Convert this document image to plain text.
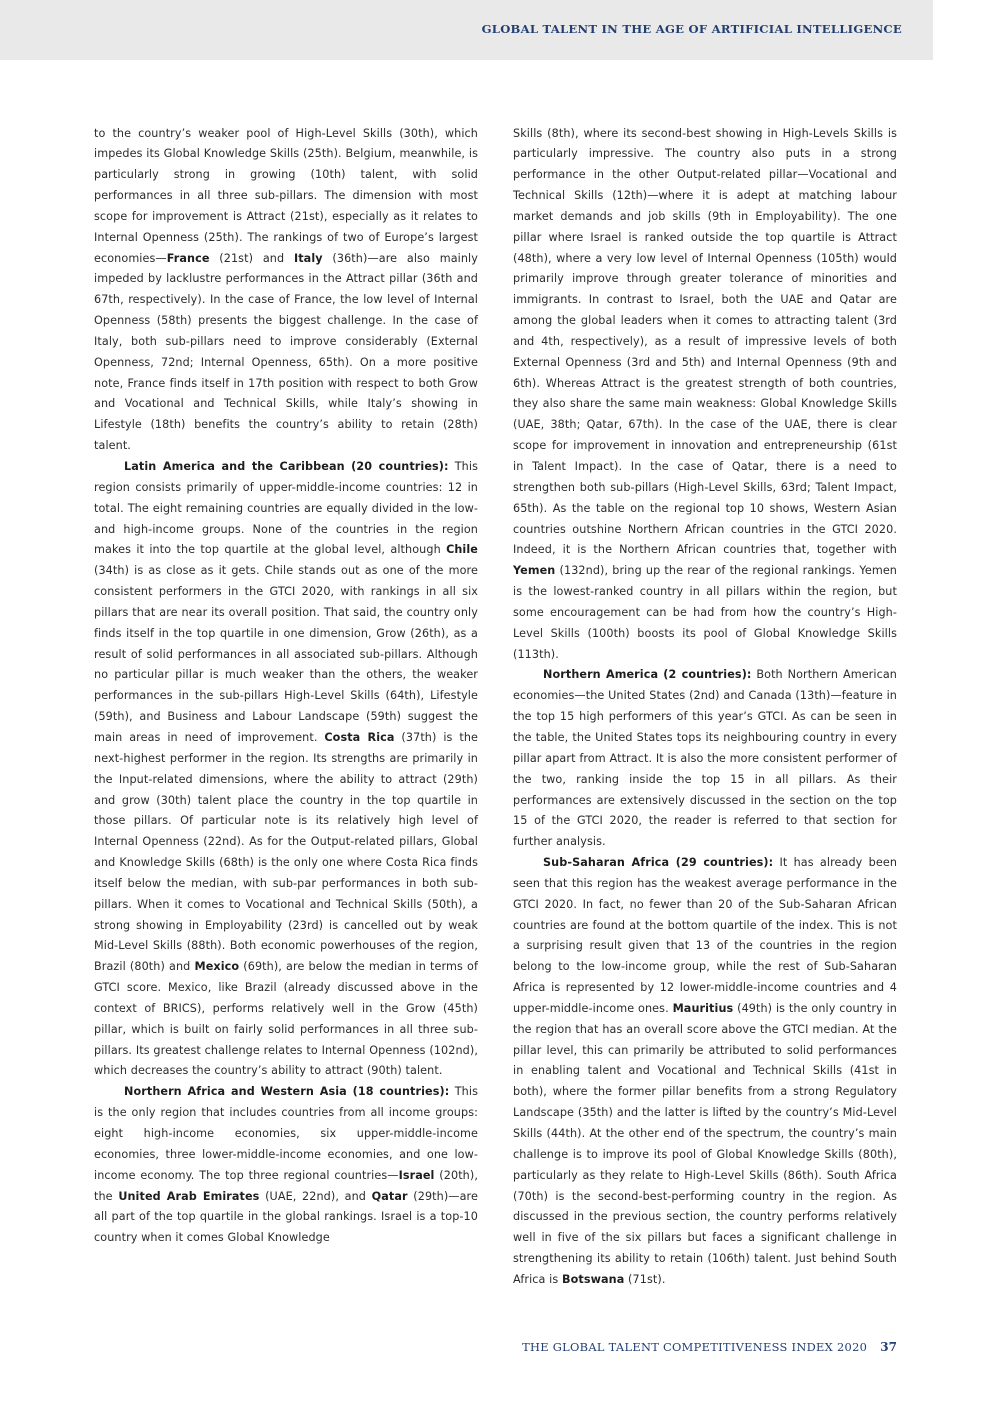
GLOBAL TALENT IN THE AGE OF ARTIFICIAL INTELLIGENCE

to the country’s weaker pool of High-Level Skills (30th), which impedes its Global Knowledge Skills (25th). Belgium, meanwhile, is particularly strong in growing (10th) talent, with solid performances in all three sub-pillars. The dimension with most scope for improvement is Attract (21st), especially as it relates to Internal Openness (25th). The rankings of two of Europe’s largest economies—France (21st) and Italy (36th)—are also mainly impeded by lacklustre performances in the Attract pillar (36th and 67th, respectively). In the case of France, the low level of Internal Openness (58th) presents the biggest challenge. In the case of Italy, both sub-pillars need to improve considerably (External Openness, 72nd; Internal Openness, 65th). On a more positive note, France finds itself in 17th position with respect to both Grow and Vocational and Technical Skills, while Italy’s showing in Lifestyle (18th) benefits the country’s ability to retain (28th) talent.

Latin America and the Caribbean (20 countries): This region consists primarily of upper-middle-income countries: 12 in total. The eight remaining countries are equally divided in the low- and high-income groups. None of the countries in the region makes it into the top quartile at the global level, although Chile (34th) is as close as it gets. Chile stands out as one of the more consistent performers in the GTCI 2020, with rankings in all six pillars that are near its overall position. That said, the country only finds itself in the top quartile in one dimension, Grow (26th), as a result of solid performances in all associated sub-pillars. Although no particular pillar is much weaker than the others, the weaker performances in the sub-pillars High-Level Skills (64th), Lifestyle (59th), and Business and Labour Landscape (59th) suggest the main areas in need of improvement. Costa Rica (37th) is the next-highest performer in the region. Its strengths are primarily in the Input-related dimensions, where the ability to attract (29th) and grow (30th) talent place the country in the top quartile in those pillars. Of particular note is its relatively high level of Internal Openness (22nd). As for the Output-related pillars, Global and Knowledge Skills (68th) is the only one where Costa Rica finds itself below the median, with sub-par performances in both sub-pillars. When it comes to Vocational and Technical Skills (50th), a strong showing in Employability (23rd) is cancelled out by weak Mid-Level Skills (88th). Both economic powerhouses of the region, Brazil (80th) and Mexico (69th), are below the median in terms of GTCI score. Mexico, like Brazil (already discussed above in the context of BRICS), performs relatively well in the Grow (45th) pillar, which is built on fairly solid performances in all three sub-pillars. Its greatest challenge relates to Internal Openness (102nd), which decreases the country’s ability to attract (90th) talent.

Northern Africa and Western Asia (18 countries): This is the only region that includes countries from all income groups: eight high-income economies, six upper-middle-income economies, three lower-middle-income economies, and one low-income economy. The top three regional countries—Israel (20th), the United Arab Emirates (UAE, 22nd), and Qatar (29th)—are all part of the top quartile in the global rankings. Israel is a top-10 country when it comes Global Knowledge

Skills (8th), where its second-best showing in High-Levels Skills is particularly impressive. The country also puts in a strong performance in the other Output-related pillar—Vocational and Technical Skills (12th)—where it is adept at matching labour market demands and job skills (9th in Employability). The one pillar where Israel is ranked outside the top quartile is Attract (48th), where a very low level of Internal Openness (105th) would primarily improve through greater tolerance of minorities and immigrants. In contrast to Israel, both the UAE and Qatar are among the global leaders when it comes to attracting talent (3rd and 4th, respectively), as a result of impressive levels of both External Openness (3rd and 5th) and Internal Openness (9th and 6th). Whereas Attract is the greatest strength of both countries, they also share the same main weakness: Global Knowledge Skills (UAE, 38th; Qatar, 67th). In the case of the UAE, there is clear scope for improvement in innovation and entrepreneurship (61st in Talent Impact). In the case of Qatar, there is a need to strengthen both sub-pillars (High-Level Skills, 63rd; Talent Impact, 65th). As the table on the regional top 10 shows, Western Asian countries outshine Northern African countries in the GTCI 2020. Indeed, it is the Northern African countries that, together with Yemen (132nd), bring up the rear of the regional rankings. Yemen is the lowest-ranked country in all pillars within the region, but some encouragement can be had from how the country’s High-Level Skills (100th) boosts its pool of Global Knowledge Skills (113th).

Northern America (2 countries): Both Northern American economies—the United States (2nd) and Canada (13th)—feature in the top 15 high performers of this year’s GTCI. As can be seen in the table, the United States tops its neighbouring country in every pillar apart from Attract. It is also the more consistent performer of the two, ranking inside the top 15 in all pillars. As their performances are extensively discussed in the section on the top 15 of the GTCI 2020, the reader is referred to that section for further analysis.

Sub-Saharan Africa (29 countries): It has already been seen that this region has the weakest average performance in the GTCI 2020. In fact, no fewer than 20 of the Sub-Saharan African countries are found at the bottom quartile of the index. This is not a surprising result given that 13 of the countries in the region belong to the low-income group, while the rest of Sub-Saharan Africa is represented by 12 lower-middle-income countries and 4 upper-middle-income ones. Mauritius (49th) is the only country in the region that has an overall score above the GTCI median. At the pillar level, this can primarily be attributed to solid performances in enabling talent and Vocational and Technical Skills (41st in both), where the former pillar benefits from a strong Regulatory Landscape (35th) and the latter is lifted by the country’s Mid-Level Skills (44th). At the other end of the spectrum, the country’s main challenge is to improve its pool of Global Knowledge Skills (80th), particularly as they relate to High-Level Skills (86th). South Africa (70th) is the second-best-performing country in the region. As discussed in the previous section, the country performs relatively well in five of the six pillars but faces a significant challenge in strengthening its ability to retain (106th) talent. Just behind South Africa is Botswana (71st).

THE GLOBAL TALENT COMPETITIVENESS INDEX 2020 37
